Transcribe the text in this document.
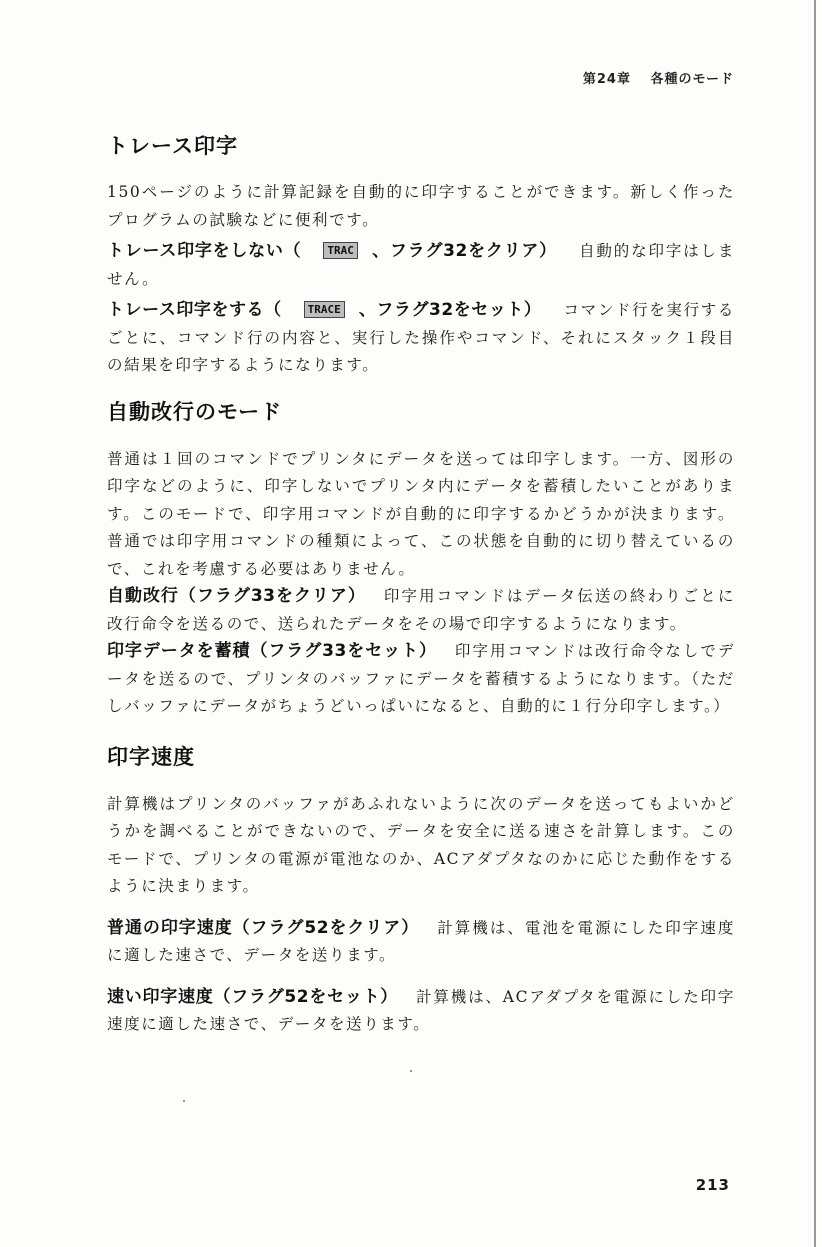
第24章 各種のモード
トレース印字

150ページのように計算記録を自動的に印字することができます。新しく作ったプログラムの試験などに便利です。

トレース印字をしない（ TRAC 、フラグ32をクリア） 自動的な印字はしません。

トレース印字をする（ TRACE 、フラグ32をセット） コマンド行を実行するごとに、コマンド行の内容と、実行した操作やコマンド、それにスタック１段目の結果を印字するようになります。

自動改行のモード

普通は１回のコマンドでプリンタにデータを送っては印字します。一方、図形の印字などのように、印字しないでプリンタ内にデータを蓄積したいことがあります。このモードで、印字用コマンドが自動的に印字するかどうかが決まります。普通では印字用コマンドの種類によって、この状態を自動的に切り替えているので、これを考慮する必要はありません。

自動改行（フラグ33をクリア） 印字用コマンドはデータ伝送の終わりごとに改行命令を送るので、送られたデータをその場で印字するようになります。

印字データを蓄積（フラグ33をセット） 印字用コマンドは改行命令なしでデータを送るので、プリンタのバッファにデータを蓄積するようになります。（ただしバッファにデータがちょうどいっぱいになると、自動的に１行分印字します。）

印字速度

計算機はプリンタのバッファがあふれないように次のデータを送ってもよいかどうかを調べることができないので、データを安全に送る速さを計算します。このモードで、プリンタの電源が電池なのか、ACアダプタなのかに応じた動作をするように決まります。

普通の印字速度（フラグ52をクリア） 計算機は、電池を電源にした印字速度に適した速さで、データを送ります。

速い印字速度（フラグ52をセット） 計算機は、ACアダプタを電源にした印字速度に適した速さで、データを送ります。

213
